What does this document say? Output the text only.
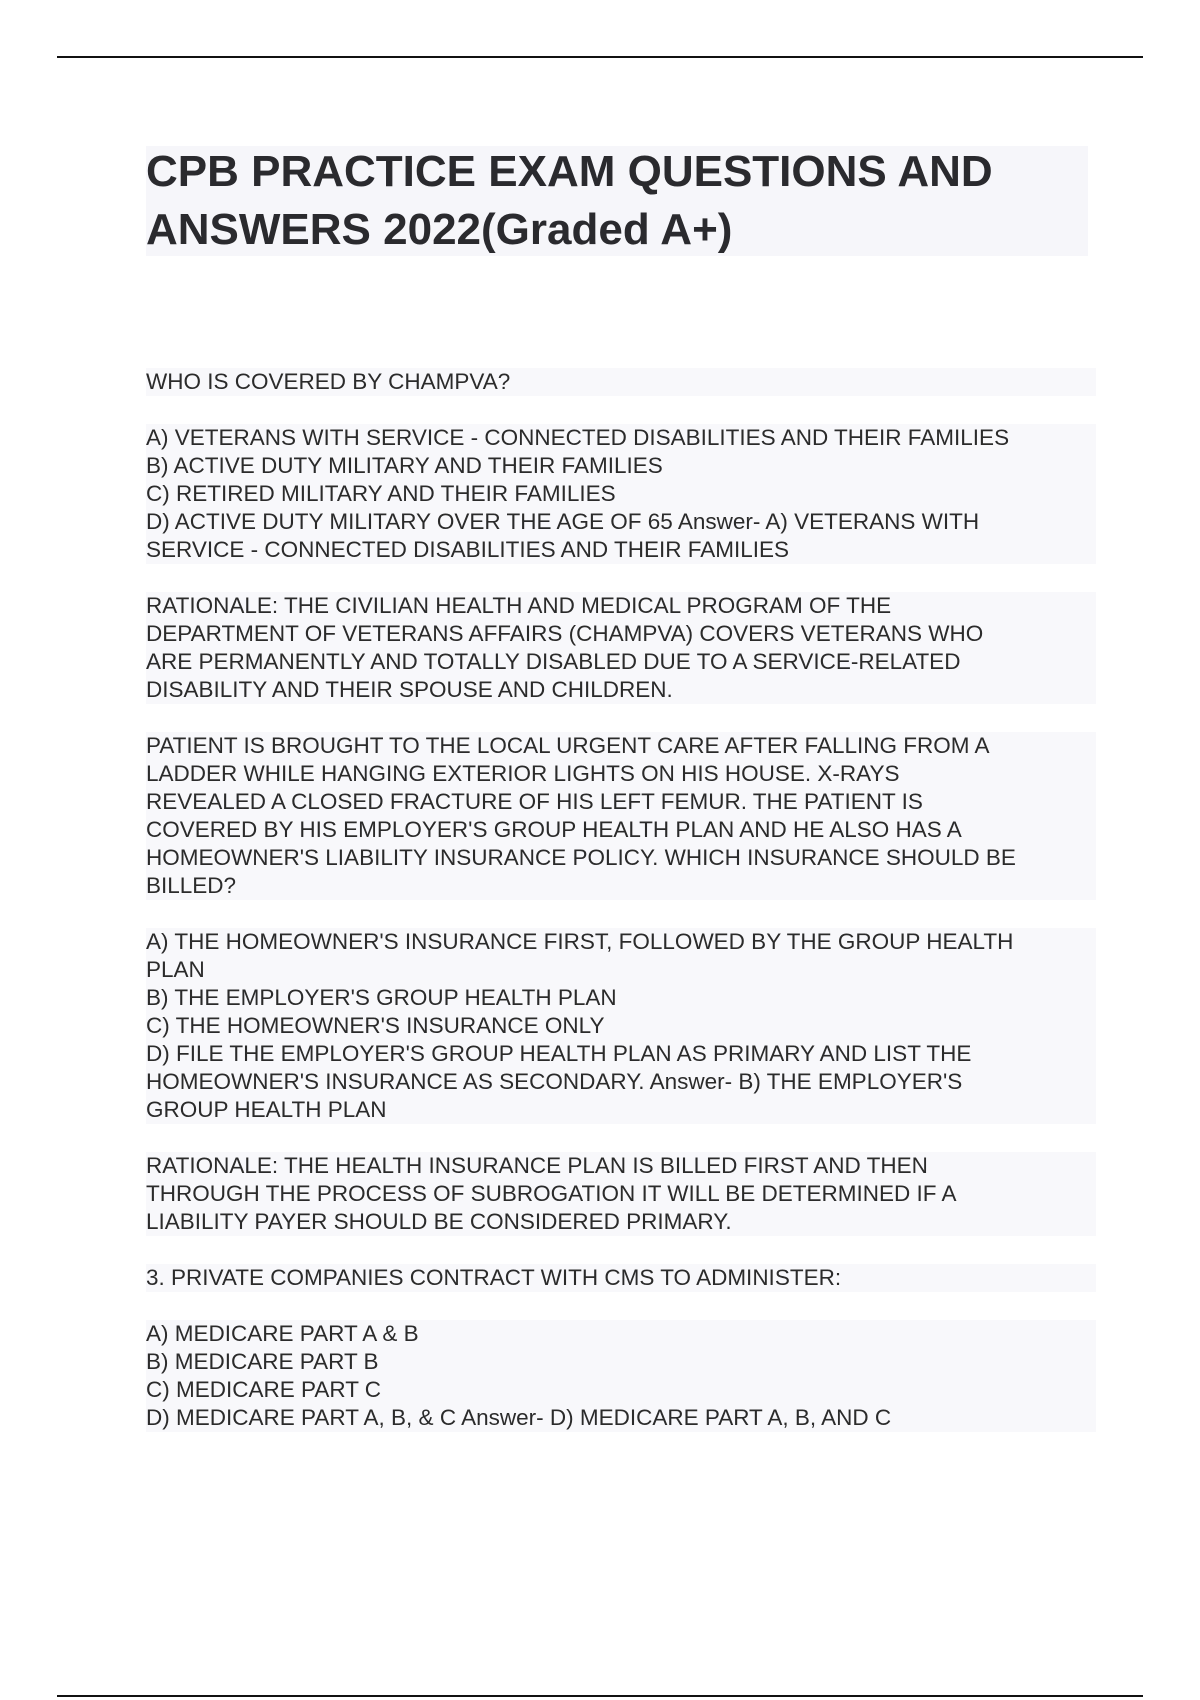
CPB PRACTICE EXAM QUESTIONS AND
ANSWERS 2022(Graded A+)
WHO IS COVERED BY CHAMPVA?
A) VETERANS WITH SERVICE - CONNECTED DISABILITIES AND THEIR FAMILIES
B) ACTIVE DUTY MILITARY AND THEIR FAMILIES
C) RETIRED MILITARY AND THEIR FAMILIES
D) ACTIVE DUTY MILITARY OVER THE AGE OF 65 Answer- A) VETERANS WITH
SERVICE - CONNECTED DISABILITIES AND THEIR FAMILIES
RATIONALE: THE CIVILIAN HEALTH AND MEDICAL PROGRAM OF THE
DEPARTMENT OF VETERANS AFFAIRS (CHAMPVA) COVERS VETERANS WHO
ARE PERMANENTLY AND TOTALLY DISABLED DUE TO A SERVICE-RELATED
DISABILITY AND THEIR SPOUSE AND CHILDREN.
PATIENT IS BROUGHT TO THE LOCAL URGENT CARE AFTER FALLING FROM A
LADDER WHILE HANGING EXTERIOR LIGHTS ON HIS HOUSE. X-RAYS
REVEALED A CLOSED FRACTURE OF HIS LEFT FEMUR. THE PATIENT IS
COVERED BY HIS EMPLOYER'S GROUP HEALTH PLAN AND HE ALSO HAS A
HOMEOWNER'S LIABILITY INSURANCE POLICY. WHICH INSURANCE SHOULD BE
BILLED?
A) THE HOMEOWNER'S INSURANCE FIRST, FOLLOWED BY THE GROUP HEALTH
PLAN
B) THE EMPLOYER'S GROUP HEALTH PLAN
C) THE HOMEOWNER'S INSURANCE ONLY
D) FILE THE EMPLOYER'S GROUP HEALTH PLAN AS PRIMARY AND LIST THE
HOMEOWNER'S INSURANCE AS SECONDARY. Answer- B) THE EMPLOYER'S
GROUP HEALTH PLAN
RATIONALE: THE HEALTH INSURANCE PLAN IS BILLED FIRST AND THEN
THROUGH THE PROCESS OF SUBROGATION IT WILL BE DETERMINED IF A
LIABILITY PAYER SHOULD BE CONSIDERED PRIMARY.
3. PRIVATE COMPANIES CONTRACT WITH CMS TO ADMINISTER:
A) MEDICARE PART A & B
B) MEDICARE PART B
C) MEDICARE PART C
D) MEDICARE PART A, B, & C Answer- D) MEDICARE PART A, B, AND C
